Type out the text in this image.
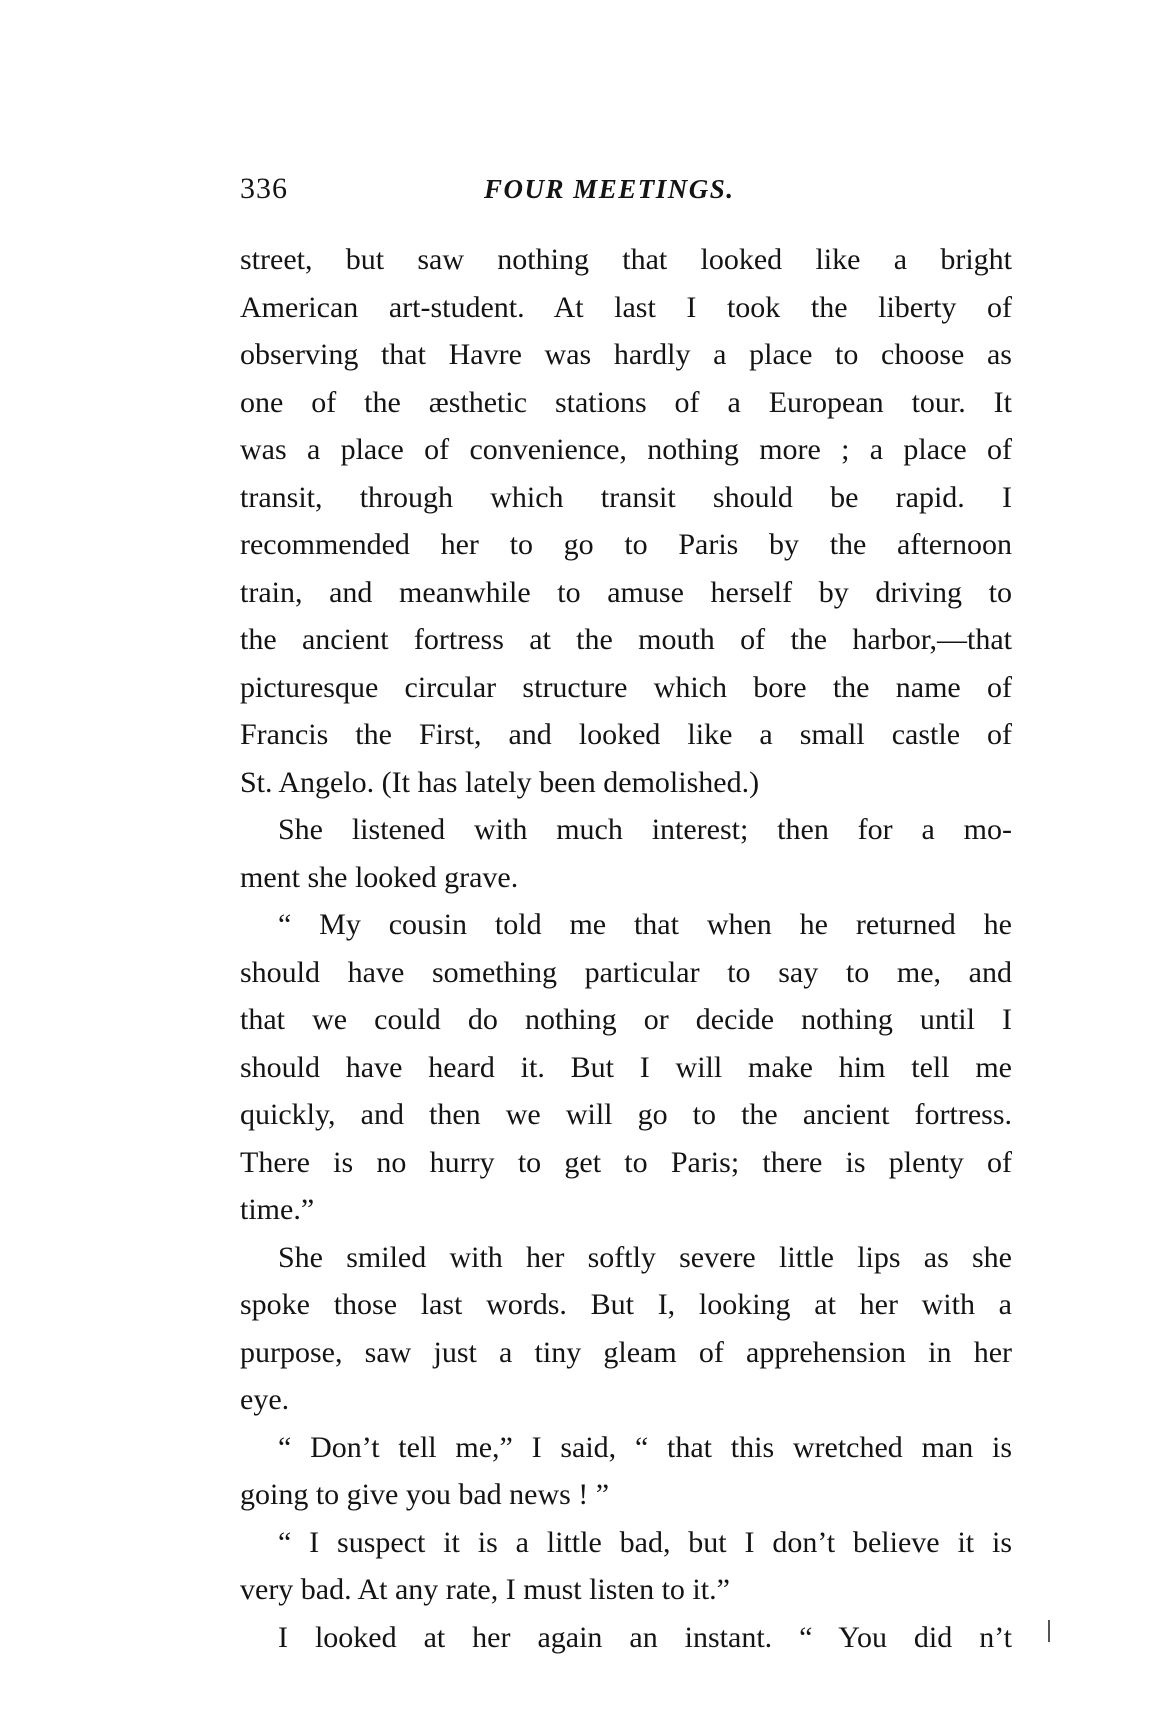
336	FOUR MEETINGS.
street, but saw nothing that looked like a bright
American art-student. At last I took the liberty of
observing that Havre was hardly a place to choose as
one of the æsthetic stations of a European tour. It
was a place of convenience, nothing more ; a place of
transit, through which transit should be rapid. I
recommended her to go to Paris by the afternoon
train, and meanwhile to amuse herself by driving to
the ancient fortress at the mouth of the harbor,—that
picturesque circular structure which bore the name of
Francis the First, and looked like a small castle of
St. Angelo. (It has lately been demolished.)
She listened with much interest; then for a mo-
ment she looked grave.
“ My cousin told me that when he returned he
should have something particular to say to me, and
that we could do nothing or decide nothing until I
should have heard it. But I will make him tell me
quickly, and then we will go to the ancient fortress.
There is no hurry to get to Paris; there is plenty of
time.”
She smiled with her softly severe little lips as she
spoke those last words. But I, looking at her with a
purpose, saw just a tiny gleam of apprehension in her
eye.
“ Don’t tell me,” I said, “ that this wretched man is
going to give you bad news ! ”
“ I suspect it is a little bad, but I don’t believe it is
very bad. At any rate, I must listen to it.”
I looked at her again an instant. “ You did n’t
